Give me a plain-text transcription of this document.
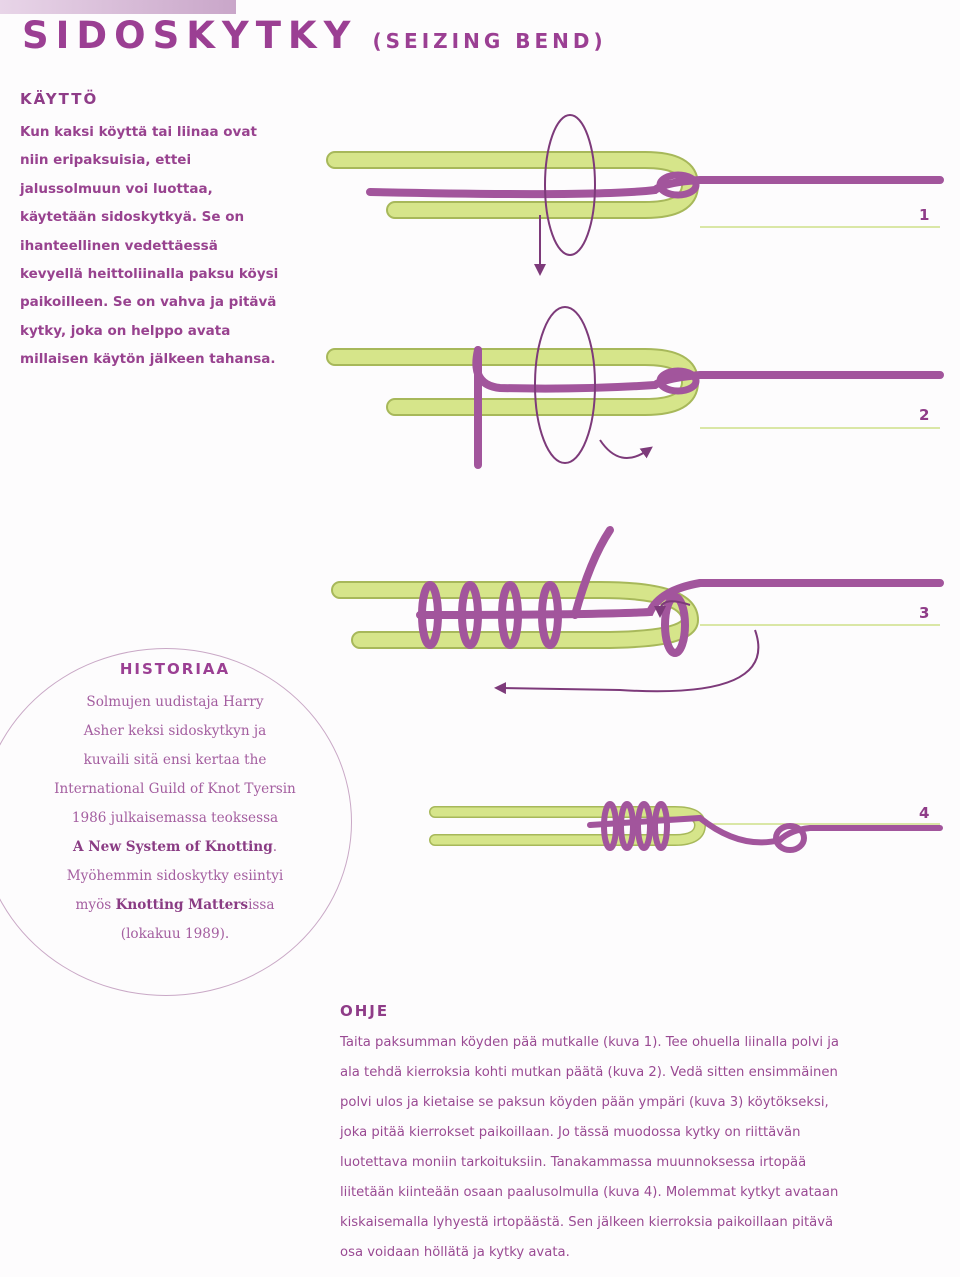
SIDOSKYTKY (SEIZING BEND)
KÄYTTÖ
Kun kaksi köyttä tai liinaa ovat
niin eripaksuisia, ettei
jalussolmuun voi luottaa,
käytetään sidoskytkyä. Se on
ihanteellinen vedettäessä
kevyellä heittoliinalla paksu köysi
paikoilleen. Se on vahva ja pitävä
kytky, joka on helppo avata
millaisen käytön jälkeen tahansa.
1
2
3
4
HISTORIAA
Solmujen uudistaja Harry
Asher keksi sidoskytkyn ja
kuvaili sitä ensi kertaa the
International Guild of Knot Tyersin
1986 julkaisemassa teoksessa
A New System of Knotting.
Myöhemmin sidoskytky esiintyi
myös Knotting Mattersissa
(lokakuu 1989).
OHJE
Taita paksumman köyden pää mutkalle (kuva 1). Tee ohuella liinalla polvi ja
ala tehdä kierroksia kohti mutkan päätä (kuva 2). Vedä sitten ensimmäinen
polvi ulos ja kietaise se paksun köyden pään ympäri (kuva 3) köytökseksi,
joka pitää kierrokset paikoillaan. Jo tässä muodossa kytky on riittävän
luotettava moniin tarkoituksiin. Tanakammassa muunnoksessa irtopää
liitetään kiinteään osaan paalusolmulla (kuva 4). Molemmat kytkyt avataan
kiskaisemalla lyhyestä irtopäästä. Sen jälkeen kierroksia paikoillaan pitävä
osa voidaan höllätä ja kytky avata.
